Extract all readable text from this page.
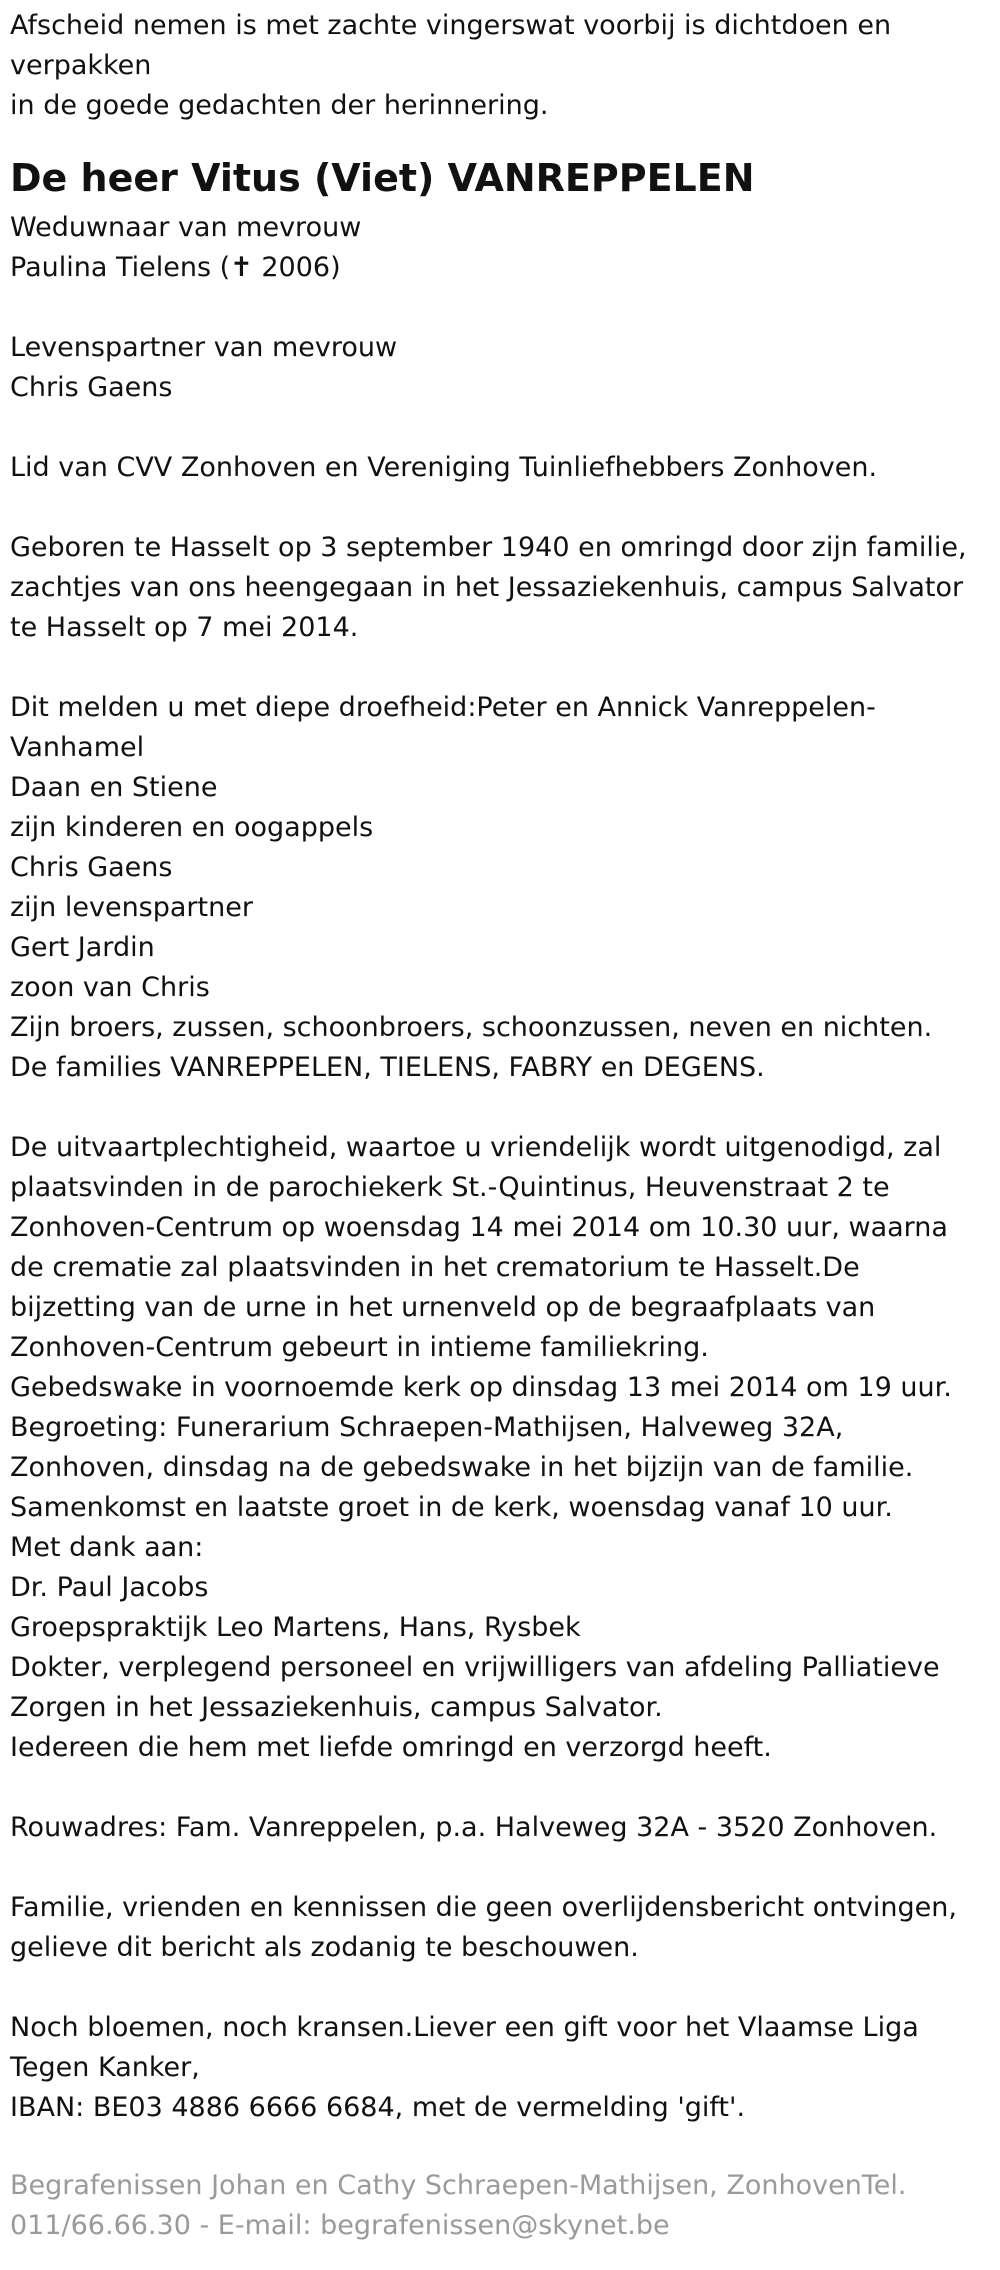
Afscheid nemen is met zachte vingerswat voorbij is dichtdoen en verpakken
in de goede gedachten der herinnering.
De heer Vitus (Viet) VANREPPELEN
Weduwnaar van mevrouw
Paulina Tielens (✝ 2006)
Levenspartner van mevrouw
Chris Gaens
Lid van CVV Zonhoven en Vereniging Tuinliefhebbers Zonhoven.
Geboren te Hasselt op 3 september 1940 en omringd door zijn familie, zachtjes van ons heengegaan in het Jessaziekenhuis, campus Salvator te Hasselt op 7 mei 2014.
Dit melden u met diepe droefheid:Peter en Annick Vanreppelen-Vanhamel
Daan en Stiene
zijn kinderen en oogappels
Chris Gaens
zijn levenspartner
Gert Jardin
zoon van Chris
Zijn broers, zussen, schoonbroers, schoonzussen, neven en nichten.
De families VANREPPELEN, TIELENS, FABRY en DEGENS.
De uitvaartplechtigheid, waartoe u vriendelijk wordt uitgenodigd, zal plaatsvinden in de parochiekerk St.-Quintinus, Heuvenstraat 2 te Zonhoven-Centrum op woensdag 14 mei 2014 om 10.30 uur, waarna de crematie zal plaatsvinden in het crematorium te Hasselt.De bijzetting van de urne in het urnenveld op de begraafplaats van Zonhoven-Centrum gebeurt in intieme familiekring.
Gebedswake in voornoemde kerk op dinsdag 13 mei 2014 om 19 uur.
Begroeting: Funerarium Schraepen-Mathijsen, Halveweg 32A, Zonhoven, dinsdag na de gebedswake in het bijzijn van de familie.
Samenkomst en laatste groet in de kerk, woensdag vanaf 10 uur.
Met dank aan:
Dr. Paul Jacobs
Groepspraktijk Leo Martens, Hans, Rysbek
Dokter, verplegend personeel en vrijwilligers van afdeling Palliatieve Zorgen in het Jessaziekenhuis, campus Salvator.
Iedereen die hem met liefde omringd en verzorgd heeft.
Rouwadres: Fam. Vanreppelen, p.a. Halveweg 32A - 3520 Zonhoven.
Familie, vrienden en kennissen die geen overlijdensbericht ontvingen, gelieve dit bericht als zodanig te beschouwen.
Noch bloemen, noch kransen.Liever een gift voor het Vlaamse Liga Tegen Kanker,
IBAN: BE03 4886 6666 6684, met de vermelding 'gift'.
Begrafenissen Johan en Cathy Schraepen-Mathijsen, ZonhovenTel. 011/66.66.30 - E-mail: begrafenissen@skynet.be
